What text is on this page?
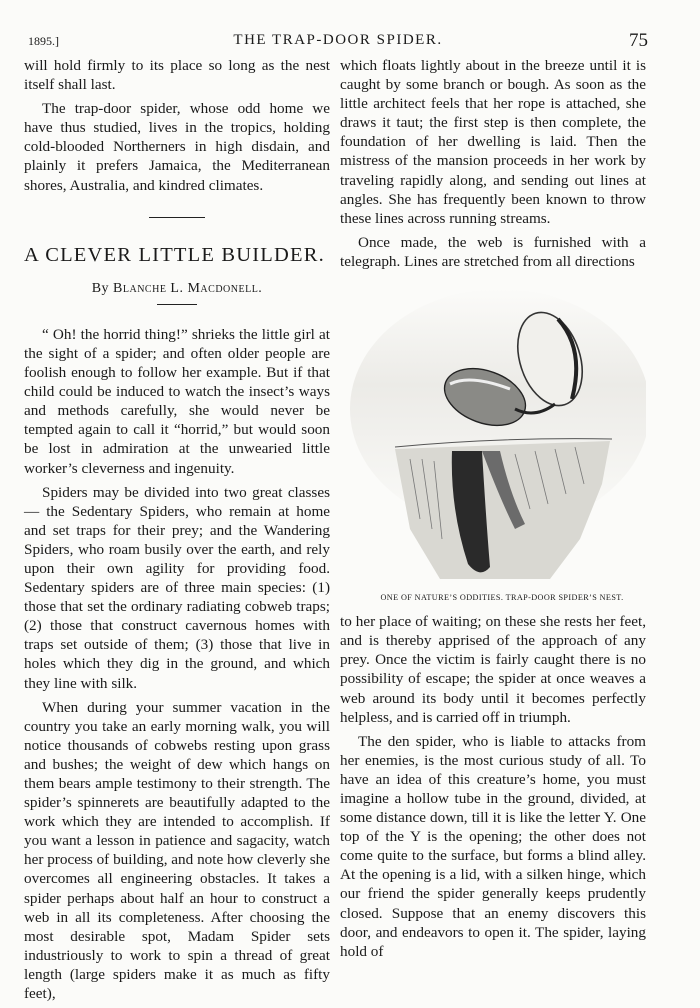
1895.]	THE TRAP-DOOR SPIDER.	75

will hold firmly to its place so long as the nest itself shall last.

The trap-door spider, whose odd home we have thus studied, lives in the tropics, holding cold-blooded Northerners in high disdain, and plainly it prefers Jamaica, the Mediterranean shores, Australia, and kindred climates.

A CLEVER LITTLE BUILDER.
By Blanche L. Macdonell.

“ Oh! the horrid thing!” shrieks the little girl at the sight of a spider; and often older people are foolish enough to follow her example. But if that child could be induced to watch the insect’s ways and methods carefully, she would never be tempted again to call it “horrid,” but would soon be lost in admiration at the unwearied little worker’s cleverness and ingenuity.

Spiders may be divided into two great classes — the Sedentary Spiders, who remain at home and set traps for their prey; and the Wandering Spiders, who roam busily over the earth, and rely upon their own agility for providing food. Sedentary spiders are of three main species: (1) those that set the ordinary radiating cobweb traps; (2) those that construct cavernous homes with traps set outside of them; (3) those that live in holes which they dig in the ground, and which they line with silk.

When during your summer vacation in the country you take an early morning walk, you will notice thousands of cobwebs resting upon grass and bushes; the weight of dew which hangs on them bears ample testimony to their strength. The spider’s spinnerets are beautifully adapted to the work which they are intended to accomplish. If you want a lesson in patience and sagacity, watch her process of building, and note how cleverly she overcomes all engineering obstacles. It takes a spider perhaps about half an hour to construct a web in all its completeness. After choosing the most desirable spot, Madam Spider sets industriously to work to spin a thread of great length (large spiders make it as much as fifty feet),

which floats lightly about in the breeze until it is caught by some branch or bough. As soon as the little architect feels that her rope is attached, she draws it taut; the first step is then complete, the foundation of her dwelling is laid. Then the mistress of the mansion proceeds in her work by traveling rapidly along, and sending out lines at angles. She has frequently been known to throw these lines across running streams.

Once made, the web is furnished with a telegraph. Lines are stretched from all directions

ONE OF NATURE’S ODDITIES. TRAP-DOOR SPIDER’S NEST.

to her place of waiting; on these she rests her feet, and is thereby apprised of the approach of any prey. Once the victim is fairly caught there is no possibility of escape; the spider at once weaves a web around its body until it becomes perfectly helpless, and is carried off in triumph.

The den spider, who is liable to attacks from her enemies, is the most curious study of all. To have an idea of this creature’s home, you must imagine a hollow tube in the ground, divided, at some distance down, till it is like the letter Y. One top of the Y is the opening; the other does not come quite to the surface, but forms a blind alley. At the opening is a lid, with a silken hinge, which our friend the spider generally keeps prudently closed. Suppose that an enemy discovers this door, and endeavors to open it. The spider, laying hold of
